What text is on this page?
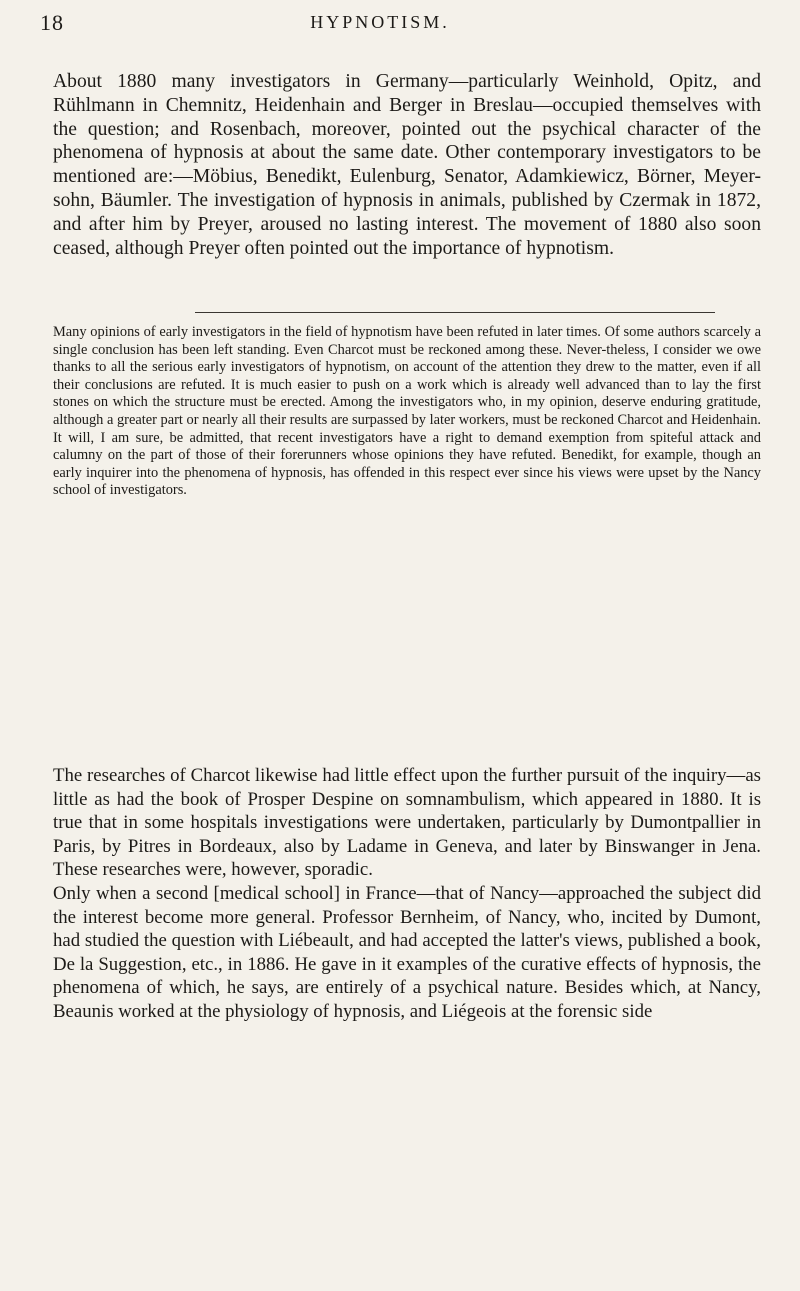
18	HYPNOTISM.

About 1880 many investigators in Germany—particularly Weinhold, Opitz, and Rühlmann in Chemnitz, Heidenhain and Berger in Breslau—occupied themselves with the question; and Rosenbach, moreover, pointed out the psychical character of the phenomena of hypnosis at about the same date. Other contemporary investigators to be mentioned are:—Möbius, Benedikt, Eulenburg, Senator, Adamkiewicz, Börner, Meyer-sohn, Bäumler. The investigation of hypnosis in animals, published by Czermak in 1872, and after him by Preyer, aroused no lasting interest. The movement of 1880 also soon ceased, although Preyer often pointed out the importance of hypnotism.

Many opinions of early investigators in the field of hypnotism have been refuted in later times. Of some authors scarcely a single conclusion has been left standing. Even Charcot must be reckoned among these. Never-theless, I consider we owe thanks to all the serious early investigators of hypnotism, on account of the attention they drew to the matter, even if all their conclusions are refuted. It is much easier to push on a work which is already well advanced than to lay the first stones on which the structure must be erected. Among the investigators who, in my opinion, deserve enduring gratitude, although a greater part or nearly all their results are surpassed by later workers, must be reckoned Charcot and Heidenhain. It will, I am sure, be admitted, that recent investigators have a right to demand exemption from spiteful attack and calumny on the part of those of their forerunners whose opinions they have refuted. Benedikt, for example, though an early inquirer into the phenomena of hypnosis, has offended in this respect ever since his views were upset by the Nancy school of investigators.

The researches of Charcot likewise had little effect upon the further pursuit of the inquiry—as little as had the book of Prosper Despine on somnambulism, which appeared in 1880. It is true that in some hospitals investigations were undertaken, particularly by Dumontpallier in Paris, by Pitres in Bordeaux, also by Ladame in Geneva, and later by Binswanger in Jena. These researches were, however, sporadic.

Only when a second [medical school] in France—that of Nancy—approached the subject did the interest become more general. Professor Bernheim, of Nancy, who, incited by Dumont, had studied the question with Liébeault, and had accepted the latter's views, published a book, De la Suggestion, etc., in 1886. He gave in it examples of the curative effects of hypnosis, the phenomena of which, he says, are entirely of a psychical nature. Besides which, at Nancy, Beaunis worked at the physiology of hypnosis, and Liégeois at the forensic side
